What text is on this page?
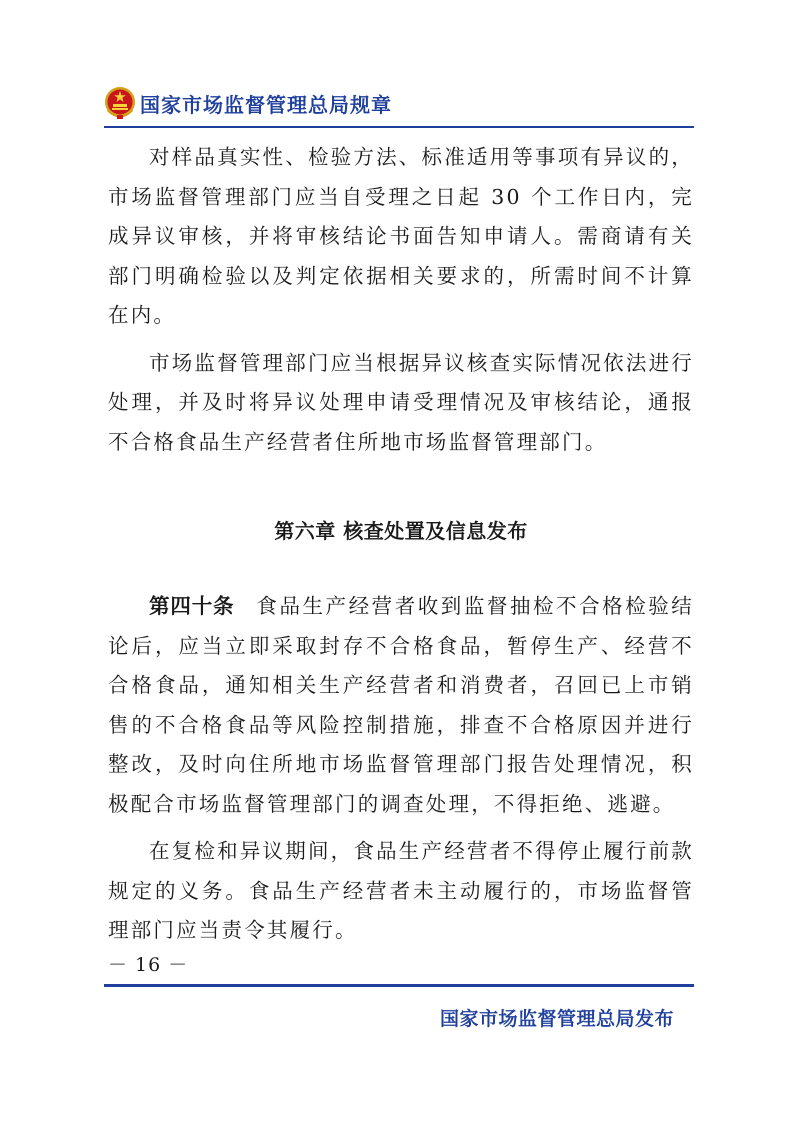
国家市场监督管理总局规章

对样品真实性、检验方法、标准适用等事项有异议的，市场监督管理部门应当自受理之日起 30 个工作日内，完成异议审核，并将审核结论书面告知申请人。需商请有关部门明确检验以及判定依据相关要求的，所需时间不计算在内。

市场监督管理部门应当根据异议核查实际情况依法进行处理，并及时将异议处理申请受理情况及审核结论，通报不合格食品生产经营者住所地市场监督管理部门。

第六章 核查处置及信息发布

第四十条 食品生产经营者收到监督抽检不合格检验结论后，应当立即采取封存不合格食品，暂停生产、经营不合格食品，通知相关生产经营者和消费者，召回已上市销售的不合格食品等风险控制措施，排查不合格原因并进行整改，及时向住所地市场监督管理部门报告处理情况，积极配合市场监督管理部门的调查处理，不得拒绝、逃避。

在复检和异议期间，食品生产经营者不得停止履行前款规定的义务。食品生产经营者未主动履行的，市场监督管理部门应当责令其履行。

－ 16 －
国家市场监督管理总局发布
